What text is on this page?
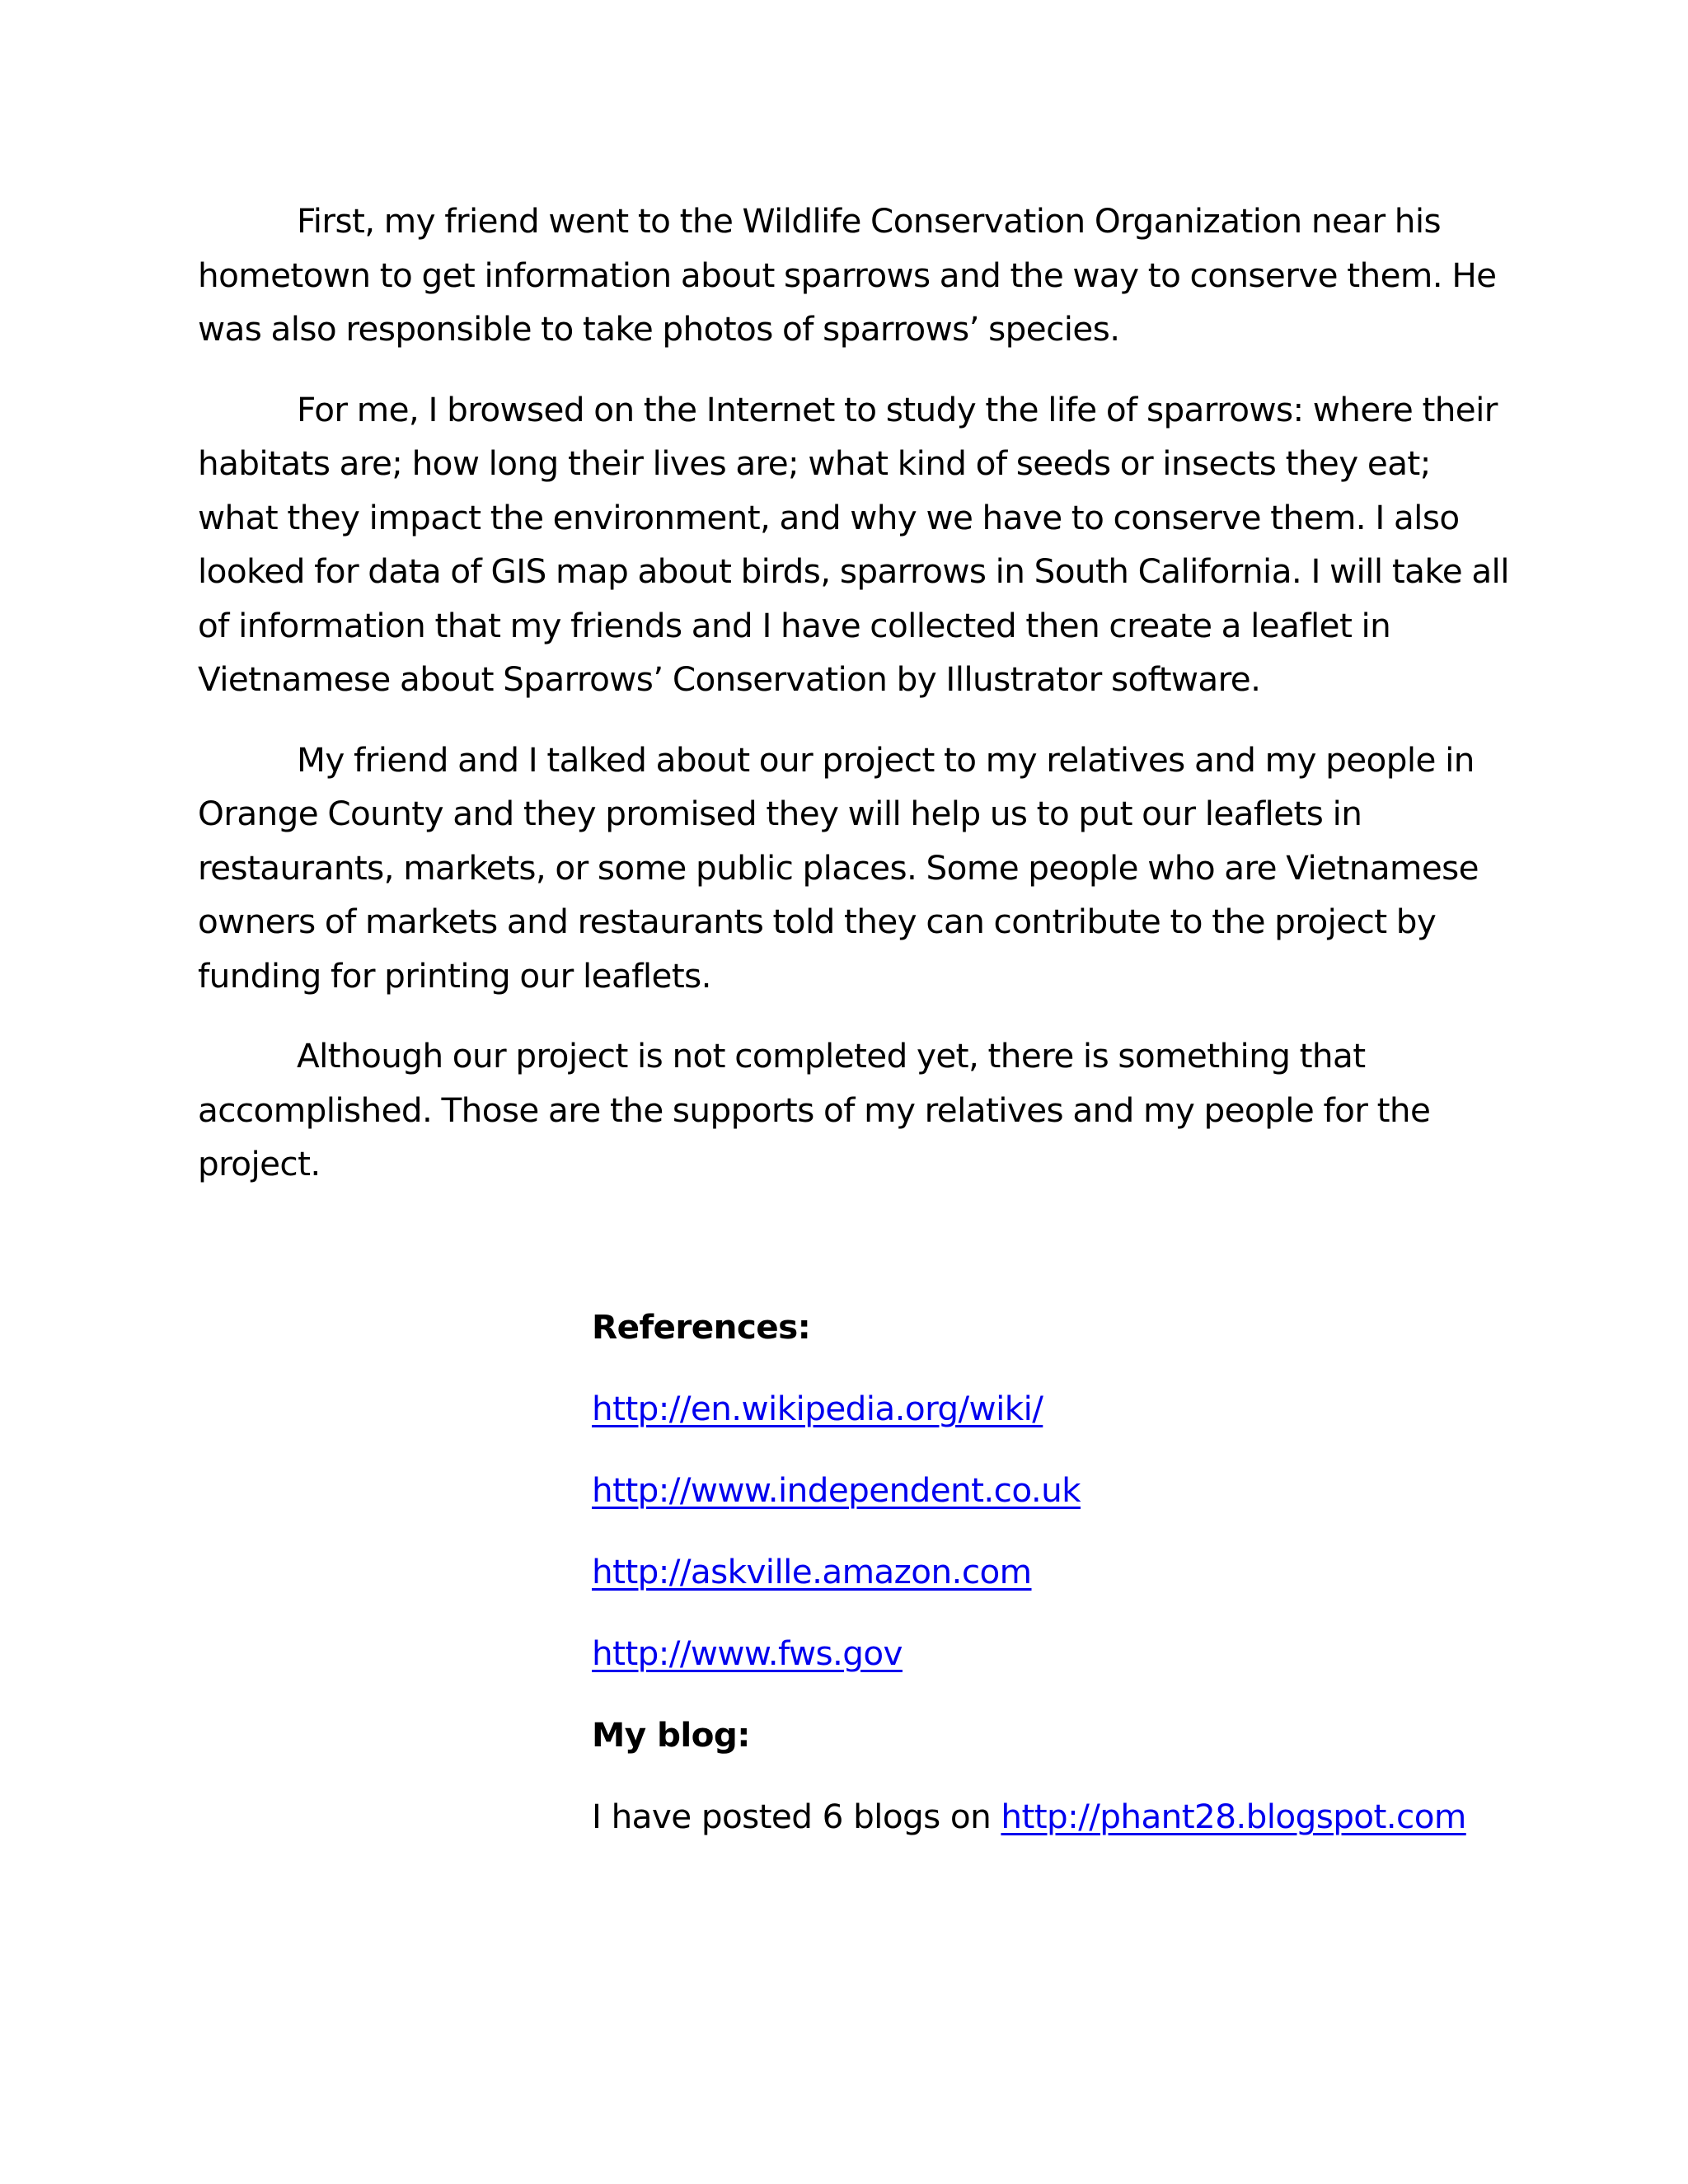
First, my friend went to the Wildlife Conservation Organization near his hometown to get information about sparrows and the way to conserve them. He was also responsible to take photos of sparrows’ species.

For me, I browsed on the Internet to study the life of sparrows: where their habitats are; how long their lives are; what kind of seeds or insects they eat; what they impact the environment, and why we have to conserve them. I also looked for data of GIS map about birds, sparrows in South California. I will take all of information that my friends and I have collected then create a leaflet in Vietnamese about Sparrows’ Conservation by Illustrator software.

My friend and I talked about our project to my relatives and my people in Orange County and they promised they will help us to put our leaflets in restaurants, markets, or some public places. Some people who are Vietnamese owners of markets and restaurants told they can contribute to the project by funding for printing our leaflets.

Although our project is not completed yet, there is something that accomplished. Those are the supports of my relatives and my people for the project.

References:
http://en.wikipedia.org/wiki/
http://www.independent.co.uk
http://askville.amazon.com
http://www.fws.gov
My blog:
I have posted 6 blogs on http://phant28.blogspot.com
